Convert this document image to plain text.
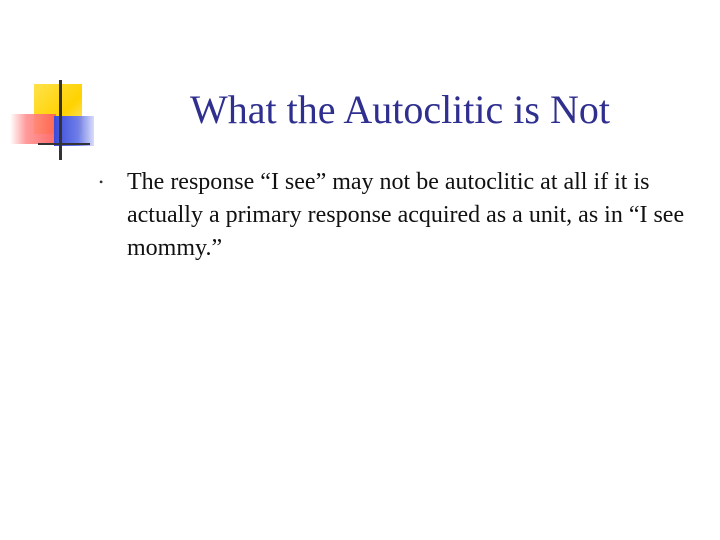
What the Autoclitic is Not
• The response “I see” may not be autoclitic at all if it is actually a primary response acquired as a unit, as in “I see mommy.”
